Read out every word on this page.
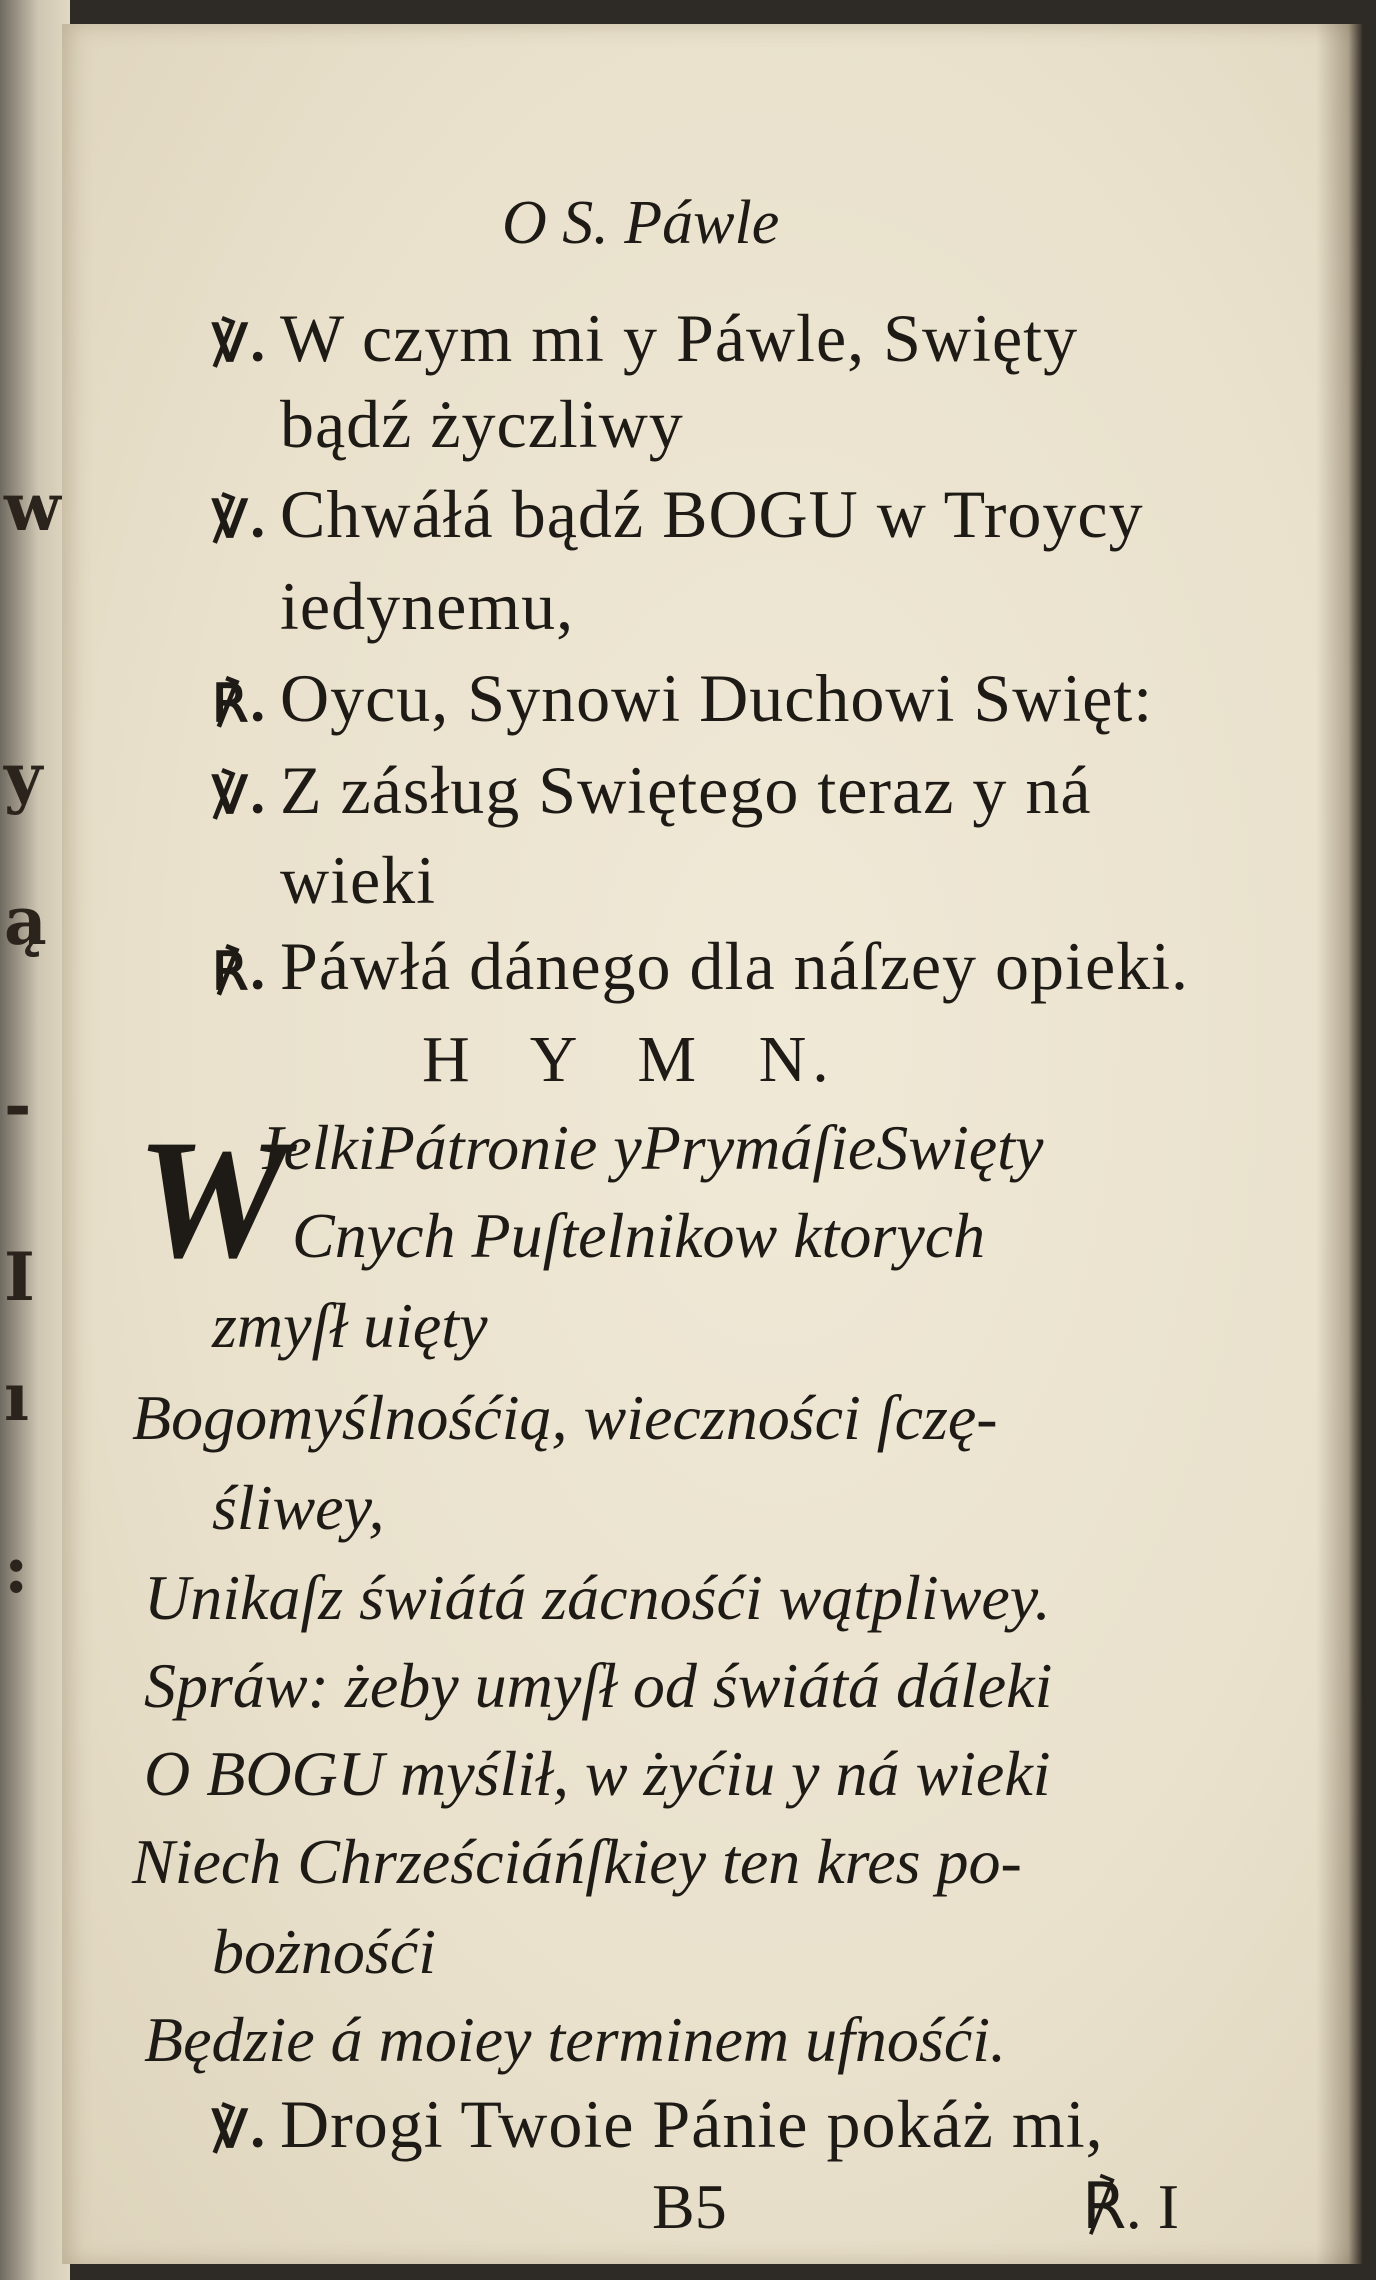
w
y
ą
-
I
ı
:
O S. Páwle
℣. W czym mi y Páwle, Swięty
bądź życzliwy
℣. Chwáłá bądź BOGU w Troycy
iedynemu,
℟. Oycu, Synowi Duchowi Swięt:
℣. Z zásług Swiętego teraz y ná
wieki
℟. Páwłá dánego dla náſzey opieki.
H Y M N.
W
IelkiPátronie yPrymáſieSwięty
Cnych Puſtelnikow ktorych
zmyſł uięty
Bogomyślnośćią, wieczności ſczę-
śliwey,
Unikaſz świátá zácnośći wątpliwey.
Spráw: żeby umyſł od świátá dáleki
O BOGU myślił, w żyćiu y ná wieki
Niech Chrześciáńſkiey ten kres po-
bożnośći
Będzie á moiey terminem ufnośći.
℣. Drogi Twoie Pánie pokáż mi,
B5	℟. I
